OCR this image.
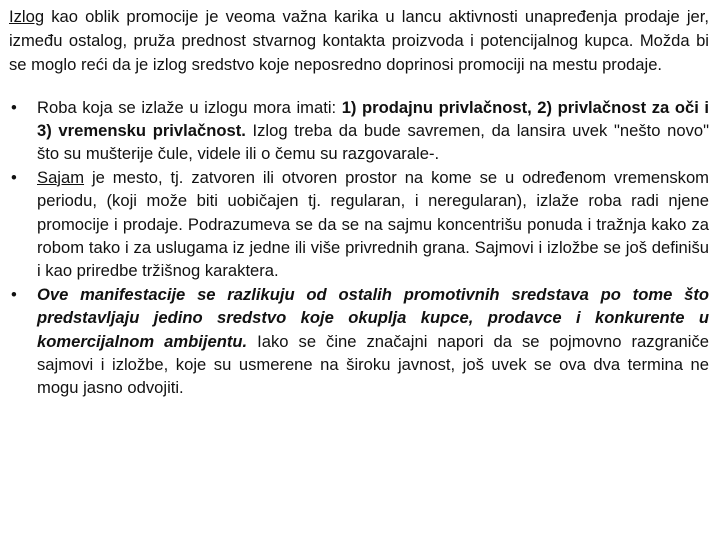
Izlog kao oblik promocije je veoma važna karika u lancu aktivnosti unapređenja prodaje jer, između ostalog, pruža prednost stvarnog kontakta proizvoda i potencijalnog kupca. Možda bi se moglo reći da je izlog sredstvo koje neposredno doprinosi promociji na mestu prodaje.

•	Roba koja se izlaže u izlogu mora imati: 1) prodajnu privlačnost, 2) privlačnost za oči i 3) vremensku privlačnost. Izlog treba da bude savremen, da lansira uvek "nešto novo" što su mušterije čule, videle ili o čemu su razgovarale-.
•	Sajam je mesto, tj. zatvoren ili otvoren prostor na kome se u određenom vremenskom periodu, (koji može biti uobičajen tj. regularan, i neregularan), izlaže roba radi njene promocije i prodaje. Podrazumeva se da se na sajmu koncentrišu ponuda i tražnja kako za robom tako i za uslugama iz jedne ili više privrednih grana. Sajmovi i izložbe se još definišu i kao priredbe tržišnog karaktera.
•	Ove manifestacije se razlikuju od ostalih promotivnih sredstava po tome što predstavljaju jedino sredstvo koje okuplja kupce, prodavce i konkurente u komercijalnom ambijentu. Iako se čine značajni napori da se pojmovno razgraniče sajmovi i izložbe, koje su usmerene na široku javnost, još uvek se ova dva termina ne mogu jasno odvojiti.
